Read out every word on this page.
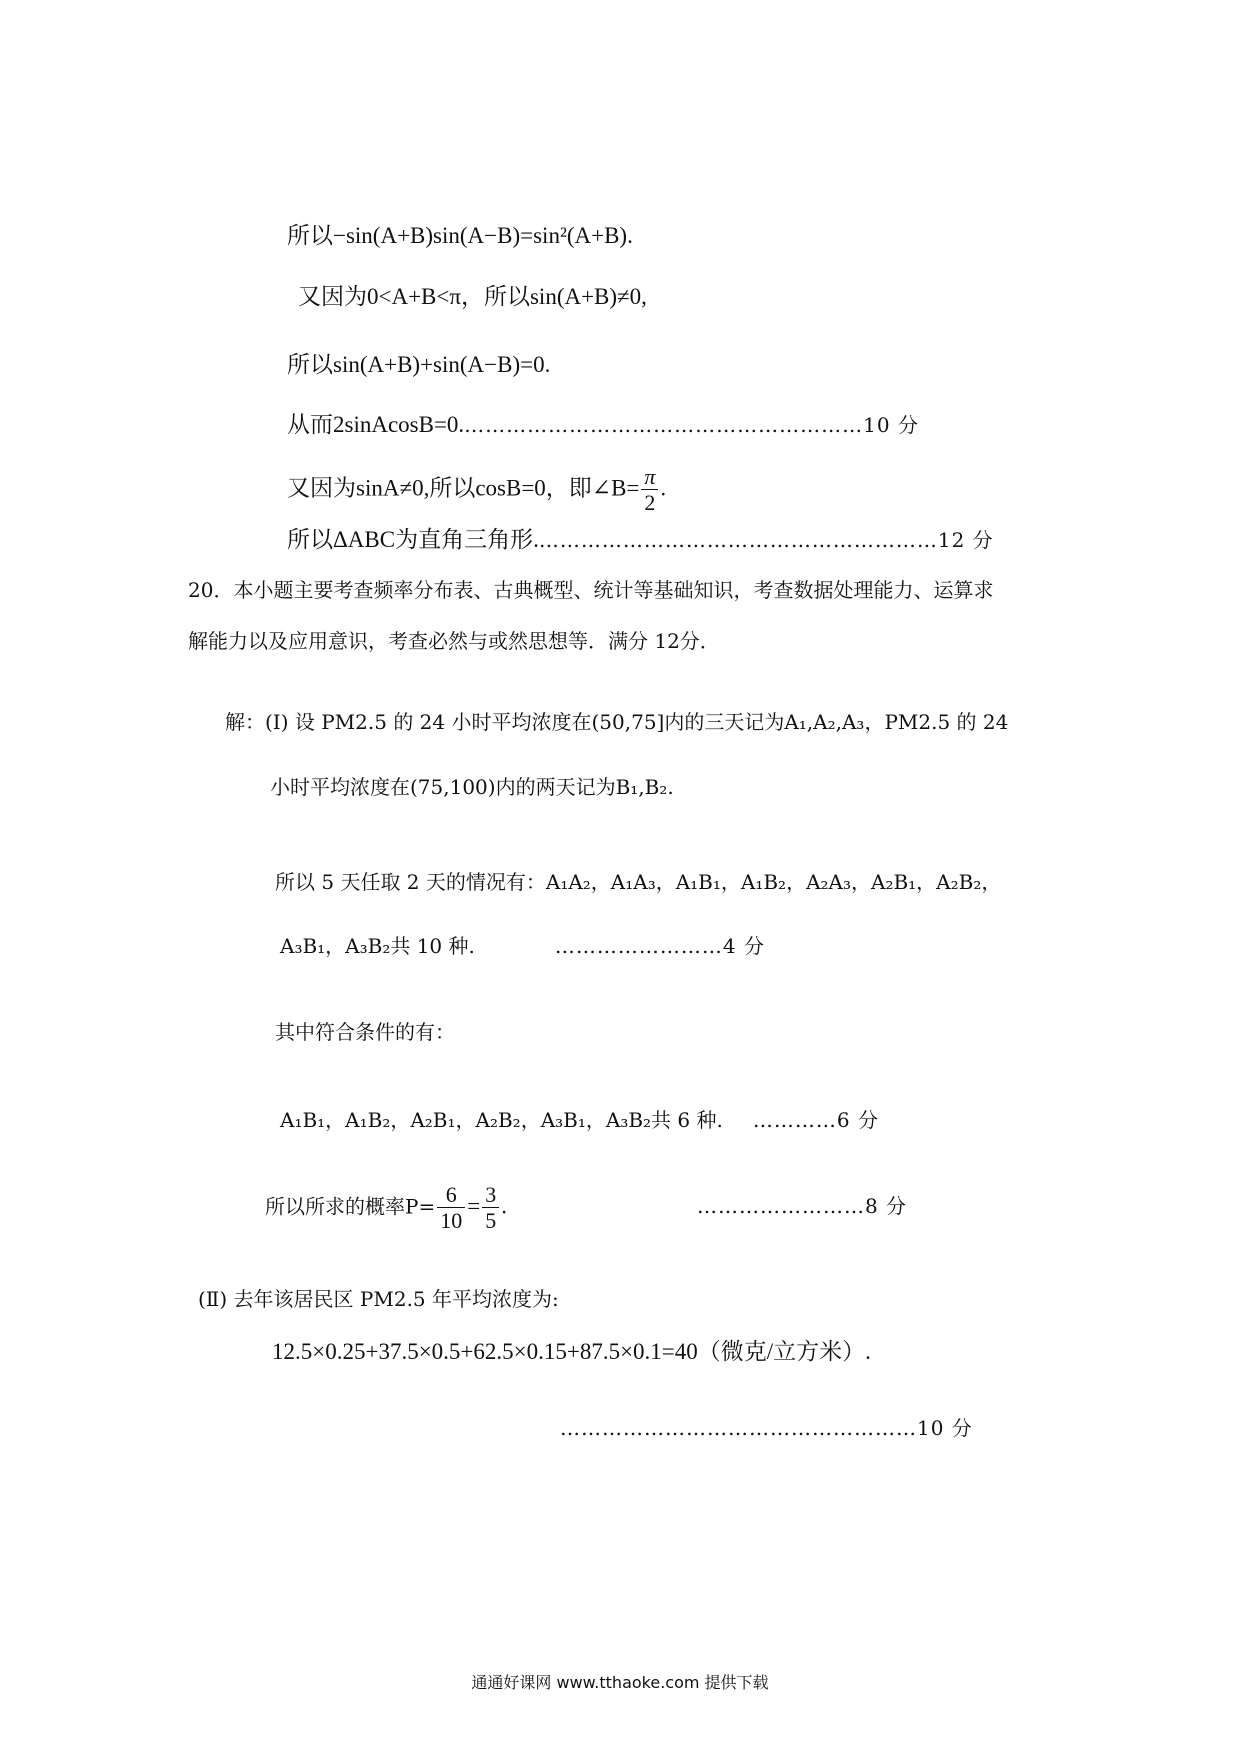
所以−sin(A+B)sin(A−B)=sin²(A+B).
又因为0<A+B<π，所以sin(A+B)≠0,
所以sin(A+B)+sin(A−B)=0.
从而2sinAcosB=0.…………………………………………………10 分
又因为sinA≠0,所以cosB=0，即∠B= $\frac{\pi}{2}$ .
所以ΔABC为直角三角形.…………………………………………………12 分
20．本小题主要考查频率分布表、古典概型、统计等基础知识，考查数据处理能力、运算求
解能力以及应用意识，考查必然与或然思想等．满分 12分．
解：(Ⅰ) 设 PM2.5 的 24 小时平均浓度在(50,75]内的三天记为A₁,A₂,A₃，PM2.5 的 24
小时平均浓度在(75,100)内的两天记为B₁,B₂.
所以 5 天任取 2 天的情况有：A₁A₂，A₁A₃，A₁B₁，A₁B₂，A₂A₃，A₂B₁，A₂B₂，
A₃B₁，A₃B₂共 10 种.	……………………4 分
其中符合条件的有：
A₁B₁，A₁B₂，A₂B₁，A₂B₂，A₃B₁，A₃B₂共 6 种. …………6 分
所以所求的概率$P= \frac{6}{10} = \frac{3}{5}$ .	……………………8 分
(Ⅱ) 去年该居民区 PM2.5 年平均浓度为:
12.5×0.25+37.5×0.5+62.5×0.15+87.5×0.1=40（微克/立方米）.
……………………………………………10 分
通通好课网 www.tthaoke.com 提供下载
